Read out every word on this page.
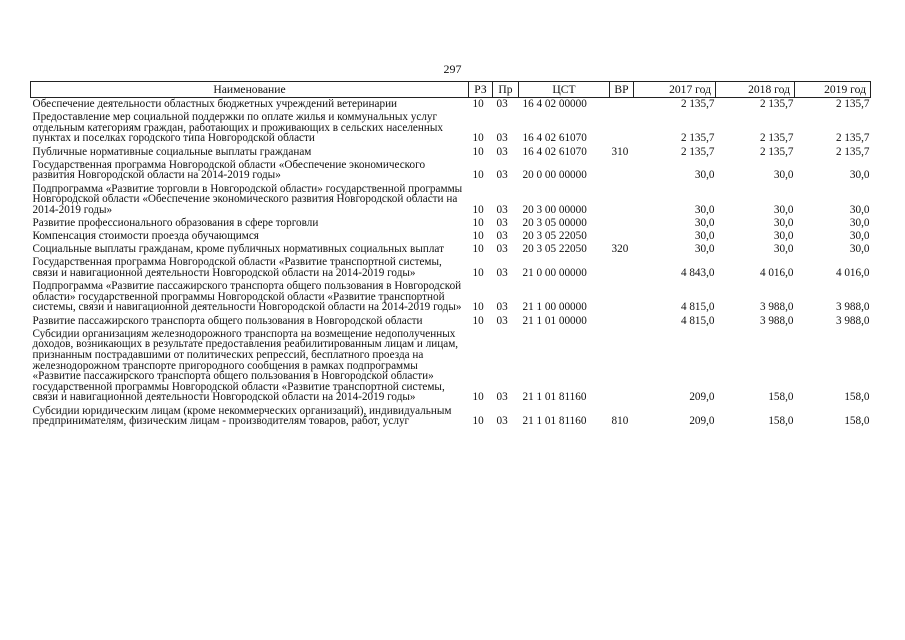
297
Наименование	РЗ	Пр	ЦСТ	ВР	2017 год	2018 год	2019 год
Обеспечение деятельности областных бюджетных учреждений ветеринарии	10	03	16 4 02 00000		2 135,7	2 135,7	2 135,7
Предоставление мер социальной поддержки по оплате жилья и коммунальных услуг отдельным категориям граждан, работающих и проживающих в сельских населенных пунктах и поселках городского типа Новгородской области	10	03	16 4 02 61070		2 135,7	2 135,7	2 135,7
Публичные нормативные социальные выплаты гражданам	10	03	16 4 02 61070	310	2 135,7	2 135,7	2 135,7
Государственная программа Новгородской области «Обеспечение экономического развития Новгородской области на 2014-2019 годы»	10	03	20 0 00 00000		30,0	30,0	30,0
Подпрограмма «Развитие торговли в Новгородской области» государственной программы Новгородской области «Обеспечение экономического развития Новгородской области на 2014-2019 годы»	10	03	20 3 00 00000		30,0	30,0	30,0
Развитие профессионального образования в сфере торговли	10	03	20 3 05 00000		30,0	30,0	30,0
Компенсация стоимости проезда обучающимся	10	03	20 3 05 22050		30,0	30,0	30,0
Социальные выплаты гражданам, кроме публичных нормативных социальных выплат	10	03	20 3 05 22050	320	30,0	30,0	30,0
Государственная программа Новгородской области «Развитие транспортной системы, связи и навигационной деятельности Новгородской области на 2014-2019 годы»	10	03	21 0 00 00000		4 843,0	4 016,0	4 016,0
Подпрограмма «Развитие пассажирского транспорта общего пользования в Новгородской области» государственной программы Новгородской области «Развитие транспортной системы, связи и навигационной деятельности Новгородской области на 2014-2019 годы»	10	03	21 1 00 00000		4 815,0	3 988,0	3 988,0
Развитие пассажирского транспорта общего пользования в Новгородской области	10	03	21 1 01 00000		4 815,0	3 988,0	3 988,0
Субсидии организациям железнодорожного транспорта на возмещение недополученных доходов, возникающих в результате предоставления реабилитированным лицам и лицам, признанным пострадавшими от политических репрессий, бесплатного проезда на железнодорожном транспорте пригородного сообщения в рамках подпрограммы «Развитие пассажирского транспорта общего пользования в Новгородской области» государственной программы Новгородской области «Развитие транспортной системы, связи и навигационной деятельности Новгородской области на 2014-2019 годы»	10	03	21 1 01 81160		209,0	158,0	158,0
Субсидии юридическим лицам (кроме некоммерческих организаций), индивидуальным предпринимателям, физическим лицам - производителям товаров, работ, услуг	10	03	21 1 01 81160	810	209,0	158,0	158,0
